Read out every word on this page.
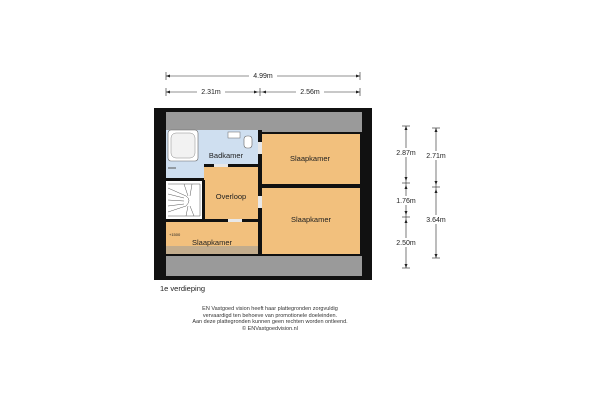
4.99m
2.31m	2.56m
Badkamer	Slaapkamer
Overloop
Slaapkamer
Slaapkamer
+1500
2.87m
1.76m
2.50m
2.71m
3.64m
1e verdieping
EN Vastgoed vision heeft haar plattegronden zorgvuldig
vervaardigd ten behoeve van promotionele doeleinden.
Aan deze plattegronden kunnen geen rechten worden ontleend.
© ENVastgoedvision.nl
